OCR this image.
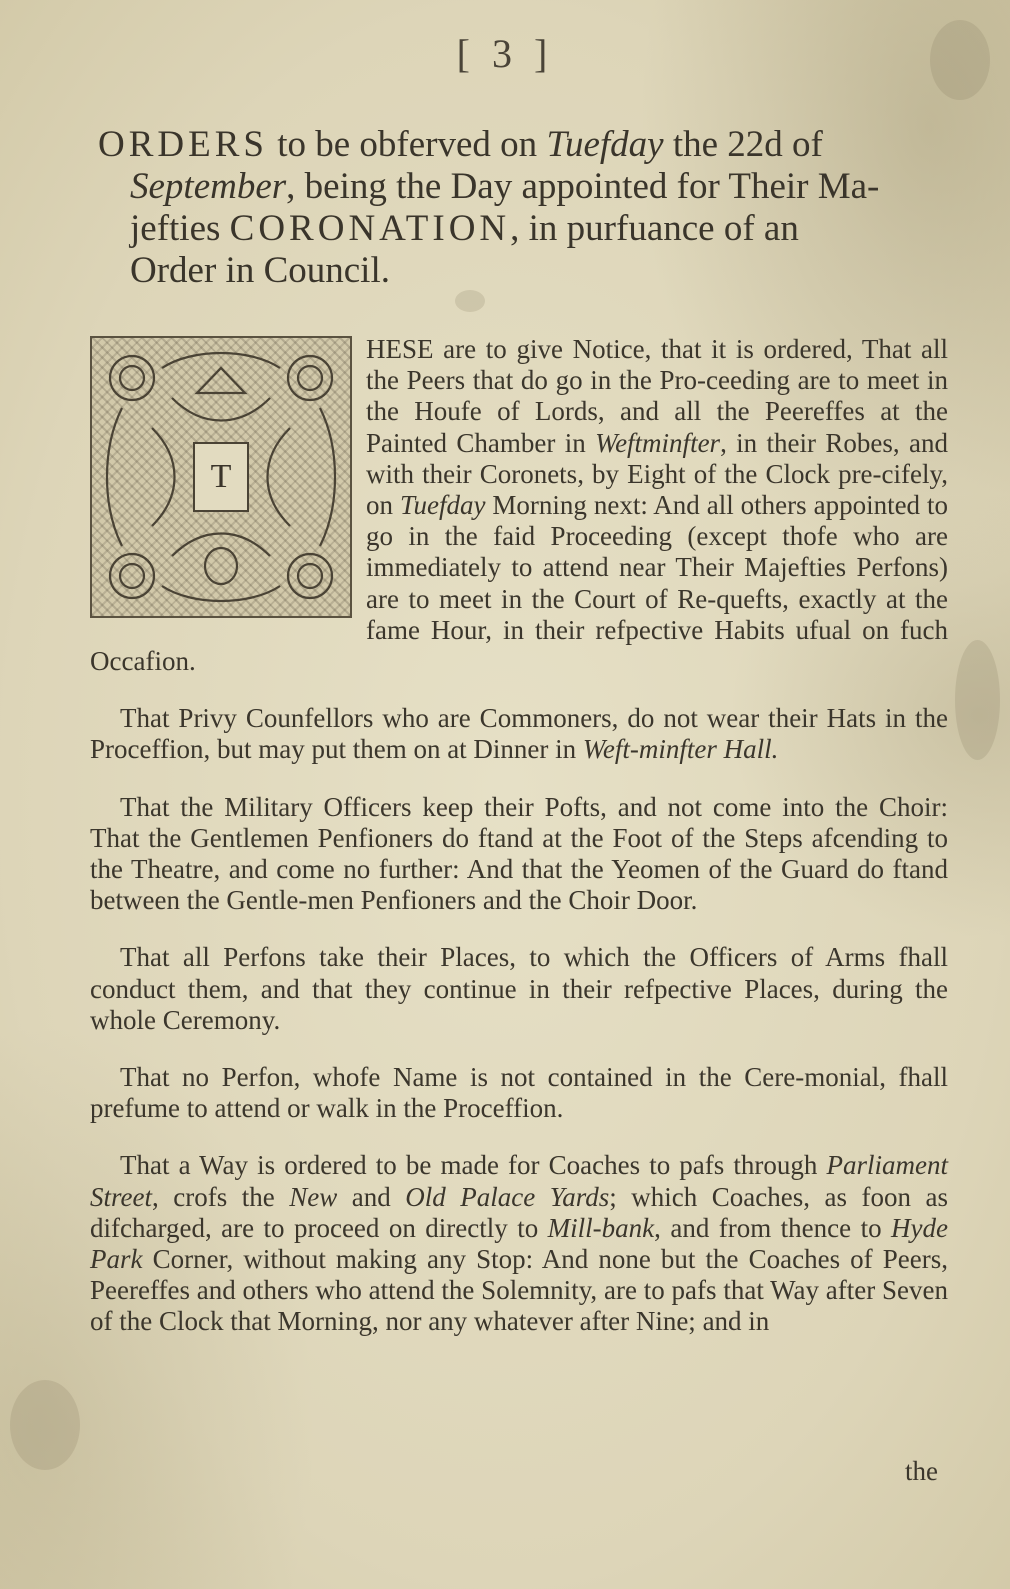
[ 3 ]
ORDERS to be obferved on Tuefday the 22d of
September, being the Day appointed for Their Ma-
jefties CORONATION, in purfuance of an
Order in Council.

T
HESE are to give Notice, that it is ordered, That all the Peers that do go in the Pro-ceeding are to meet in the Houfe of Lords, and all the Peereffes at the Painted Chamber in Weftminfter, in their Robes, and with their Coronets, by Eight of the Clock pre-cifely, on Tuefday Morning next: And all others appointed to go in the faid Proceeding (except thofe who are immediately to attend near Their Majefties Perfons) are to meet in the Court of Re-quefts, exactly at the fame Hour, in their refpective Habits ufual on fuch Occafion.

That Privy Counfellors who are Commoners, do not wear their Hats in the Proceffion, but may put them on at Dinner in Weft-minfter Hall.

That the Military Officers keep their Pofts, and not come into the Choir: That the Gentlemen Penfioners do ftand at the Foot of the Steps afcending to the Theatre, and come no further: And that the Yeomen of the Guard do ftand between the Gentle-men Penfioners and the Choir Door.

That all Perfons take their Places, to which the Officers of Arms fhall conduct them, and that they continue in their refpective Places, during the whole Ceremony.

That no Perfon, whofe Name is not contained in the Cere-monial, fhall prefume to attend or walk in the Proceffion.

That a Way is ordered to be made for Coaches to pafs through Parliament Street, crofs the New and Old Palace Yards; which Coaches, as foon as difcharged, are to proceed on directly to Mill-bank, and from thence to Hyde Park Corner, without making any Stop: And none but the Coaches of Peers, Peereffes and others who attend the Solemnity, are to pafs that Way after Seven of the Clock that Morning, nor any whatever after Nine; and in

the
